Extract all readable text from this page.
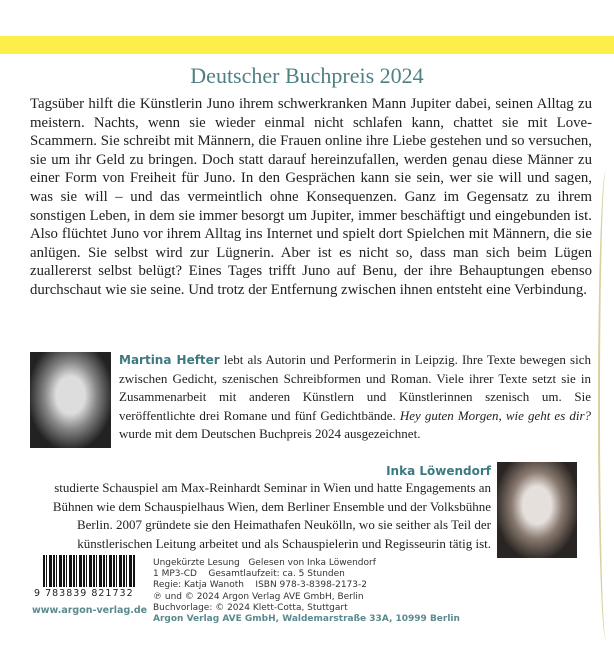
Deutscher Buchpreis 2024
Tagsüber hilft die Künstlerin Juno ihrem schwerkranken Mann Jupiter dabei, seinen Alltag zu meistern. Nachts, wenn sie wieder einmal nicht schlafen kann, chattet sie mit Love-Scammern. Sie schreibt mit Männern, die Frauen online ihre Liebe gestehen und so versuchen, sie um ihr Geld zu bringen. Doch statt darauf hereinzufallen, werden genau diese Männer zu einer Form von Freiheit für Juno. In den Gesprächen kann sie sein, wer sie will und sagen, was sie will – und das vermeintlich ohne Konsequenzen. Ganz im Gegensatz zu ihrem sonstigen Leben, in dem sie immer besorgt um Jupiter, immer beschäftigt und eingebunden ist. Also flüchtet Juno vor ihrem Alltag ins Internet und spielt dort Spielchen mit Männern, die sie anlügen. Sie selbst wird zur Lügnerin. Aber ist es nicht so, dass man sich beim Lügen zuallererst selbst belügt? Eines Tages trifft Juno auf Benu, der ihre Behauptungen ebenso durchschaut wie sie seine. Und trotz der Entfernung zwischen ihnen entsteht eine Verbindung.
Martina Hefter lebt als Autorin und Performerin in Leipzig. Ihre Texte bewegen sich zwischen Gedicht, szenischen Schreibformen und Roman. Viele ihrer Texte setzt sie in Zusammenarbeit mit anderen Künstlern und Künstlerinnen szenisch um. Sie veröffentlichte drei Romane und fünf Gedichtbände. Hey guten Morgen, wie geht es dir? wurde mit dem Deutschen Buchpreis 2024 ausgezeichnet.
Inka Löwendorf
studierte Schauspiel am Max-Reinhardt Seminar in Wien und hatte Engagements an Bühnen wie dem Schauspielhaus Wien, dem Berliner Ensemble und der Volksbühne Berlin. 2007 gründete sie den Heimathafen Neukölln, wo sie seither als Teil der künstlerischen Leitung arbeitet und als Schauspielerin und Regisseurin tätig ist.
9 783839 821732
www.argon-verlag.de
Ungekürzte Lesung   Gelesen von Inka Löwendorf
1 MP3-CD    Gesamtlaufzeit: ca. 5 Stunden
Regie: Katja Wanoth    ISBN 978-3-8398-2173-2
℗ und © 2024 Argon Verlag AVE GmbH, Berlin
Buchvorlage: © 2024 Klett-Cotta, Stuttgart
Argon Verlag AVE GmbH, Waldemarstraße 33A, 10999 Berlin
